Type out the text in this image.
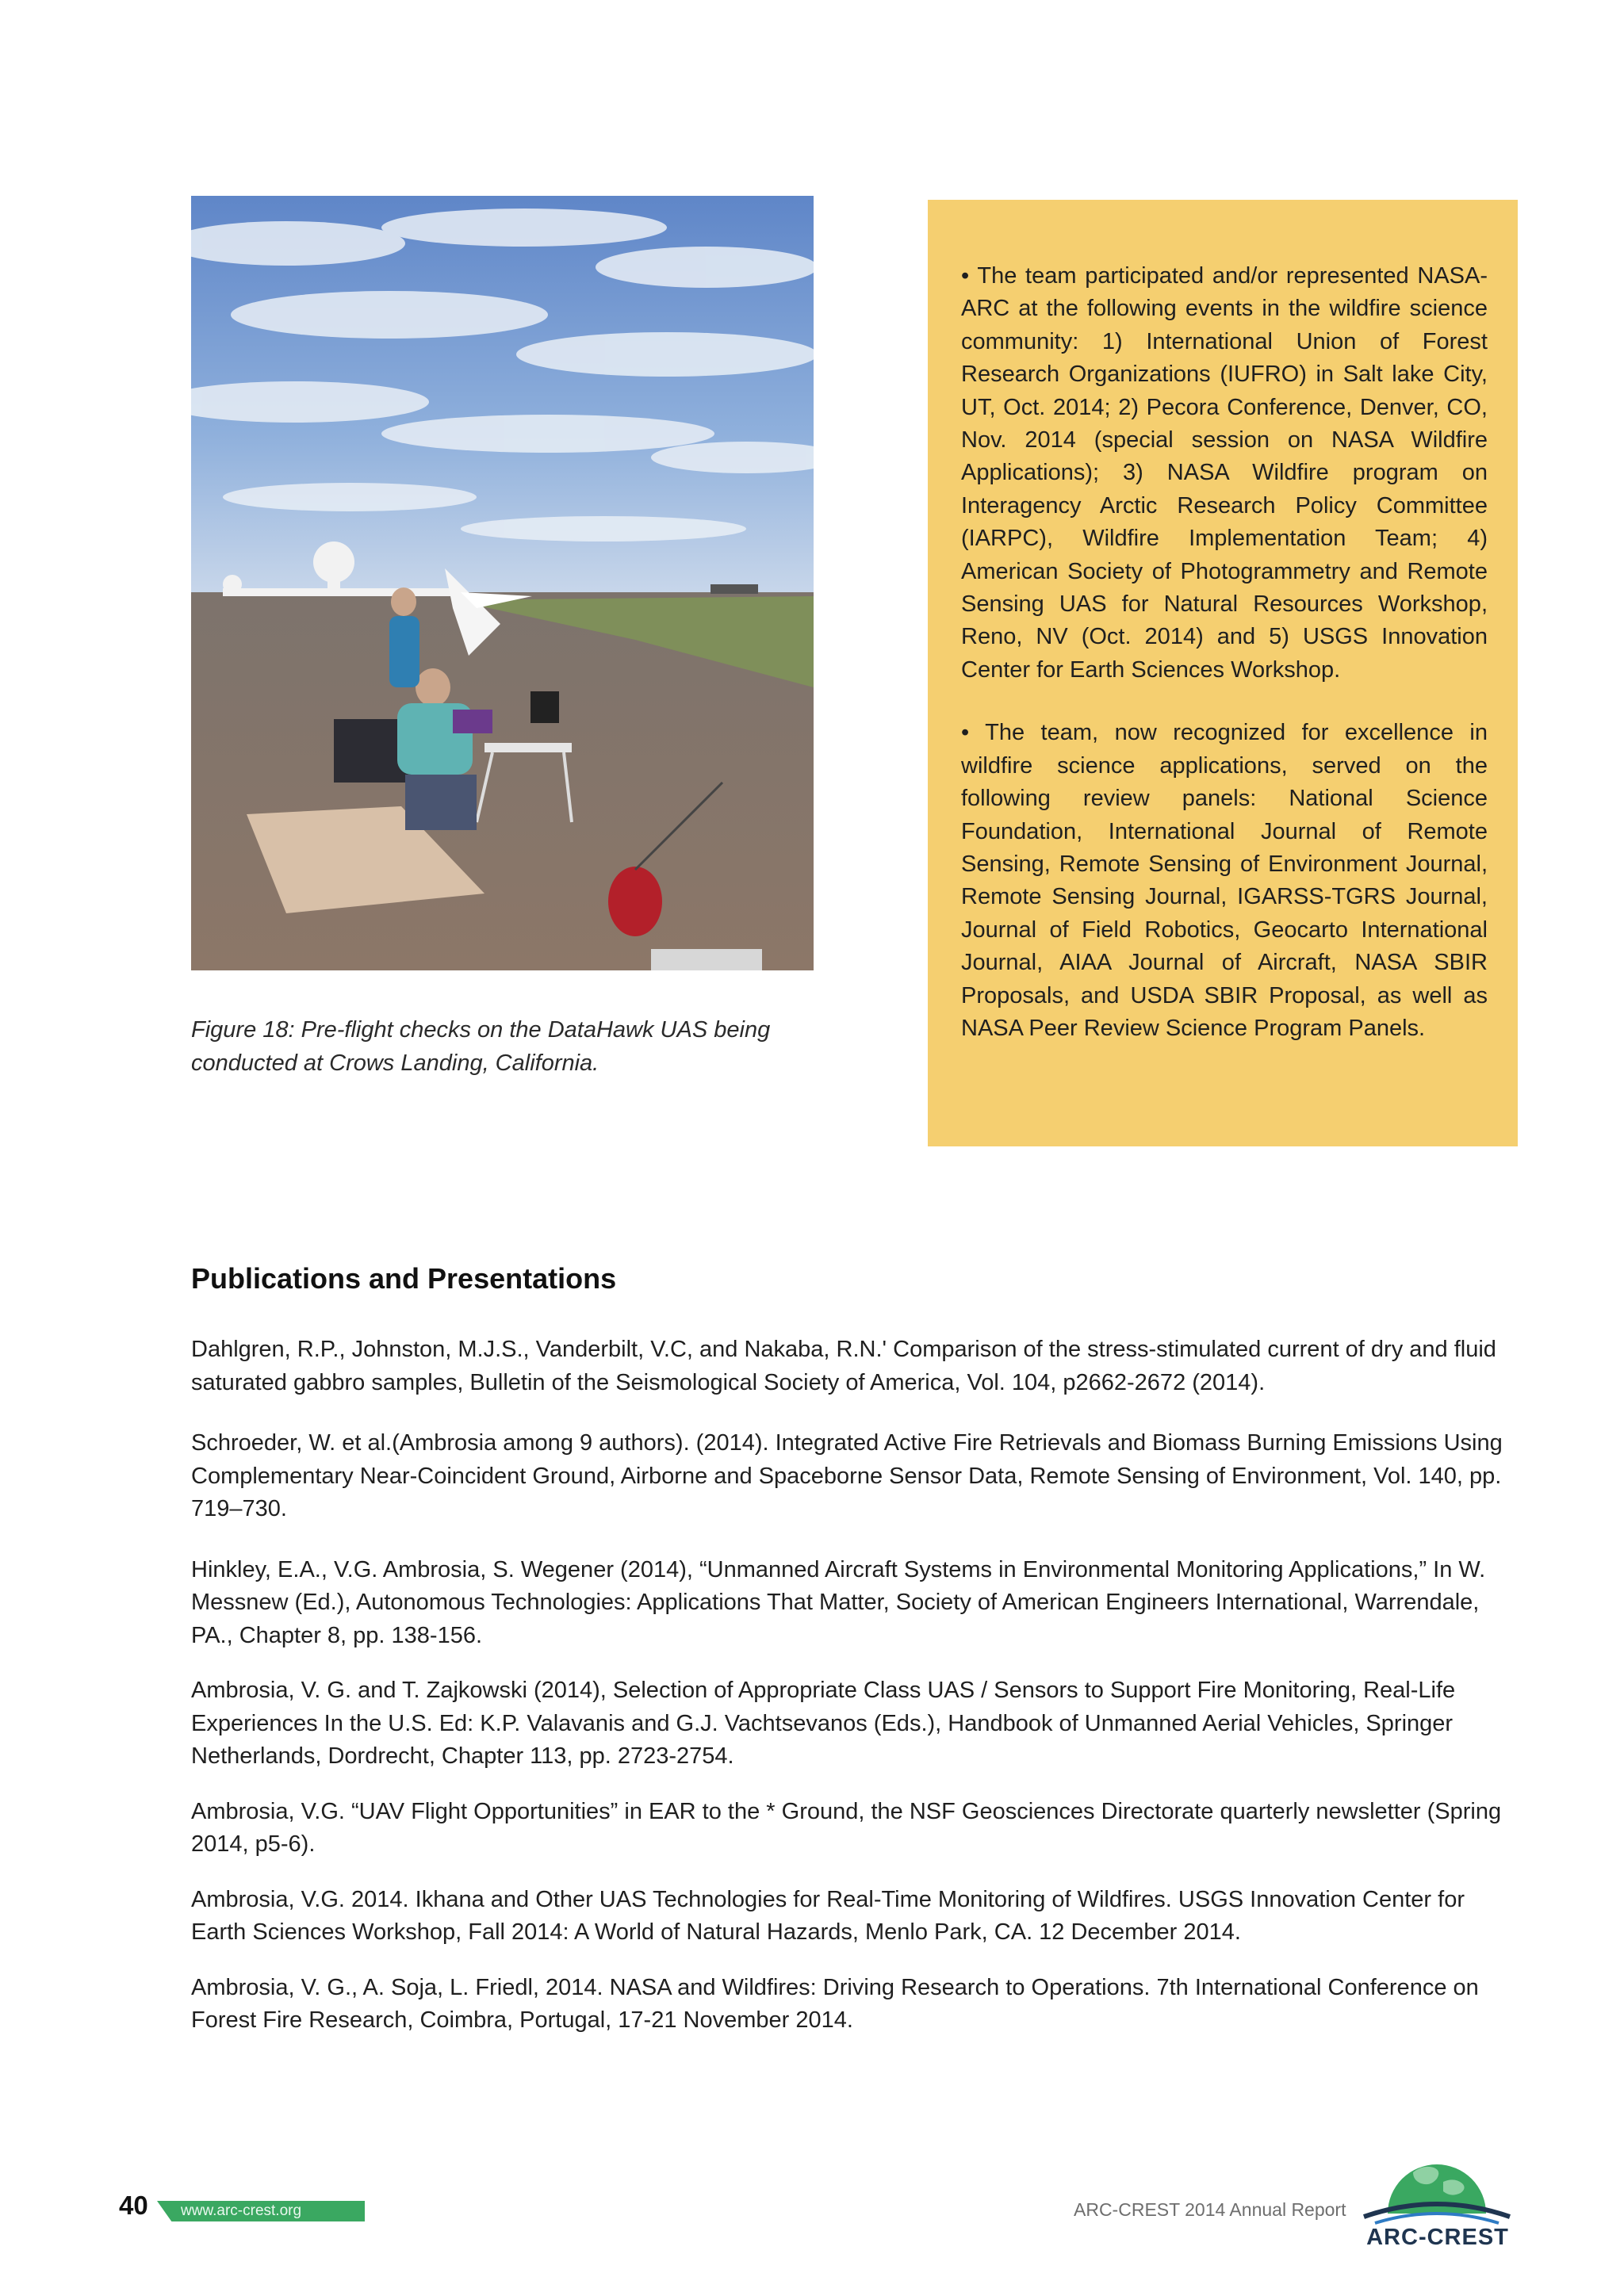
Figure 18: Pre-flight checks on the DataHawk UAS being
conducted at Crows Landing, California.

• The team participated and/or represented NASA-ARC at the following events in the wildfire science community: 1) International Union of Forest Research Organizations (IUFRO) in Salt lake City, UT, Oct. 2014; 2) Pecora Conference, Denver, CO, Nov. 2014 (special session on NASA Wildfire Applications); 3) NASA Wildfire program on Interagency Arctic Research Policy Committee (IARPC), Wildfire Implementation Team; 4) American Society of Photogrammetry and Remote Sensing UAS for Natural Resources Workshop, Reno, NV (Oct. 2014) and 5) USGS Innovation Center for Earth Sciences Workshop.

• The team, now recognized for excellence in wildfire science applications, served on the following review panels: National Science Foundation, International Journal of Remote Sensing, Remote Sensing of Environment Journal, Remote Sensing Journal, IGARSS-TGRS Journal, Journal of Field Robotics, Geocarto International Journal, AIAA Journal of Aircraft, NASA SBIR Proposals, and USDA SBIR Proposal, as well as NASA Peer Review Science Program Panels.

Publications and Presentations

Dahlgren, R.P., Johnston, M.J.S., Vanderbilt, V.C, and Nakaba, R.N.' Comparison of the stress-stimulated current of dry and fluid saturated gabbro samples, Bulletin of the Seismological Society of America, Vol. 104, p2662-2672 (2014).

Schroeder, W. et al.(Ambrosia among 9 authors). (2014). Integrated Active Fire Retrievals and Biomass Burning Emissions Using Complementary Near-Coincident Ground, Airborne and Spaceborne Sensor Data, Remote Sensing of Environment, Vol. 140, pp. 719–730.

Hinkley, E.A., V.G. Ambrosia, S. Wegener (2014), “Unmanned Aircraft Systems in Environmental Monitoring Applications,” In W. Messnew (Ed.), Autonomous Technologies: Applications That Matter, Society of American Engineers International, Warrendale, PA., Chapter 8, pp. 138-156.

Ambrosia, V. G. and T. Zajkowski (2014), Selection of Appropriate Class UAS / Sensors to Support Fire Monitoring, Real-Life Experiences In the U.S. Ed: K.P. Valavanis and G.J. Vachtsevanos (Eds.), Handbook of Unmanned Aerial Vehicles, Springer Netherlands, Dordrecht, Chapter 113, pp. 2723-2754.

Ambrosia, V.G. “UAV Flight Opportunities” in EAR to the * Ground, the NSF Geosciences Directorate quarterly newsletter (Spring 2014, p5-6).

Ambrosia, V.G. 2014. Ikhana and Other UAS Technologies for Real-Time Monitoring of Wildfires. USGS Innovation Center for Earth Sciences Workshop, Fall 2014: A World of Natural Hazards, Menlo Park, CA. 12 December 2014.

Ambrosia, V. G., A. Soja, L. Friedl, 2014. NASA and Wildfires: Driving Research to Operations. 7th International Conference on Forest Fire Research, Coimbra, Portugal, 17-21 November 2014.

40 www.arc-crest.org	ARC-CREST 2014 Annual Report
ARC-CREST
